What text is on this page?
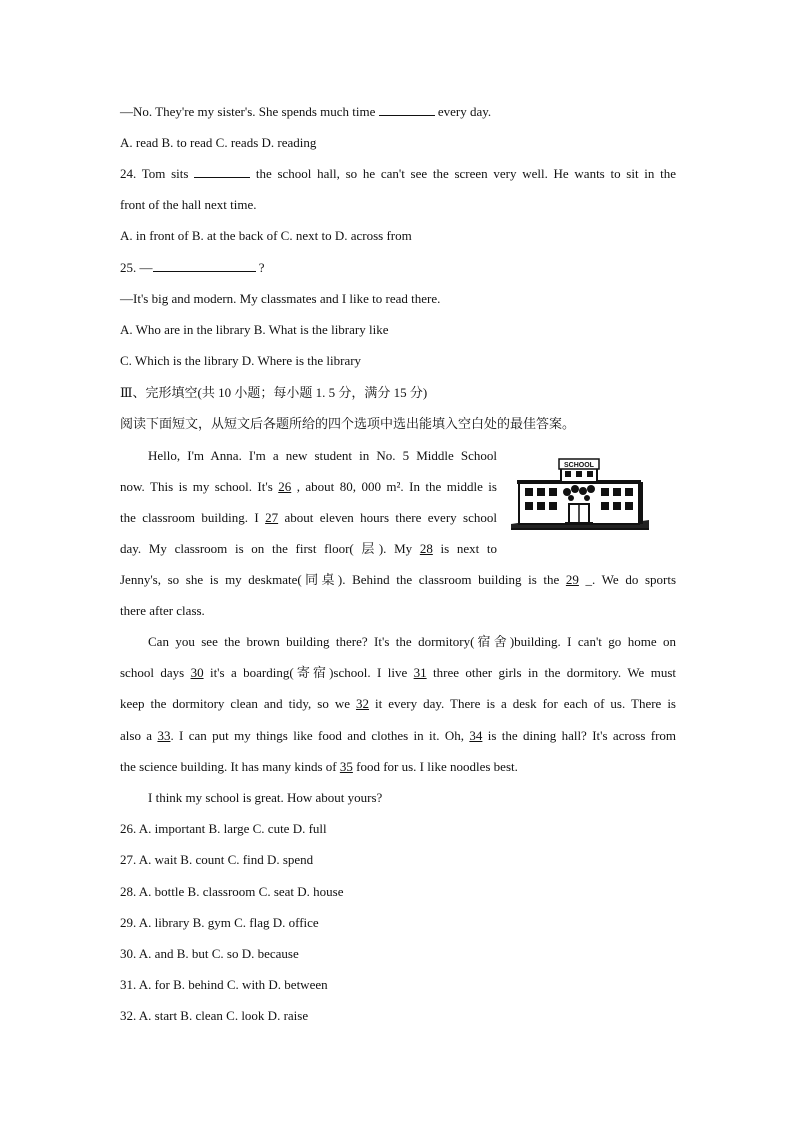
—No. They're my sister's. She spends much time	every day.
A. read B. to read C. reads D. reading
24. Tom sits	the school hall, so he can't see the screen very well. He wants to sit in the
front of the hall next time.
A. in front of B. at the back of C. next to D. across from
25. —	?
—It's big and modern. My classmates and I like to read there.
A. Who are in the library B. What is the library like
C. Which is the library D. Where is the library
Ⅲ、完形填空(共 10 小题；每小题 1. 5 分，满分 15 分)
阅读下面短文，从短文后各题所给的四个选项中选出能填入空白处的最佳答案。
Hello, I'm Anna. I'm a new student in No. 5 Middle School
now. This is my school. It's 26 , about 80, 000 m². In the middle is
the classroom building. I 27 about eleven hours there every school
day. My classroom is on the first floor( 层). My 28 is next to
Jenny's, so she is my deskmate(同桌). Behind the classroom building is the 29 _. We do sports
there after class.
Can you see the brown building there? It's the dormitory(宿舍)building. I can't go home on
school days 30 it's a boarding(寄宿)school. I live 31 three other girls in the dormitory. We must
keep the dormitory clean and tidy, so we 32 it every day. There is a desk for each of us. There is
also a 33. I can put my things like food and clothes in it. Oh, 34 is the dining hall? It's across from
the science building. It has many kinds of 35 food for us. I like noodles best.
I think my school is great. How about yours?
26. A. important B. large C. cute D. full
27. A. wait B. count C. find D. spend
28. A. bottle B. classroom C. seat D. house
29. A. library B. gym C. flag D. office
30. A. and B. but C. so D. because
31. A. for B. behind C. with D. between
32. A. start B. clean C. look D. raise
SCHOOL
